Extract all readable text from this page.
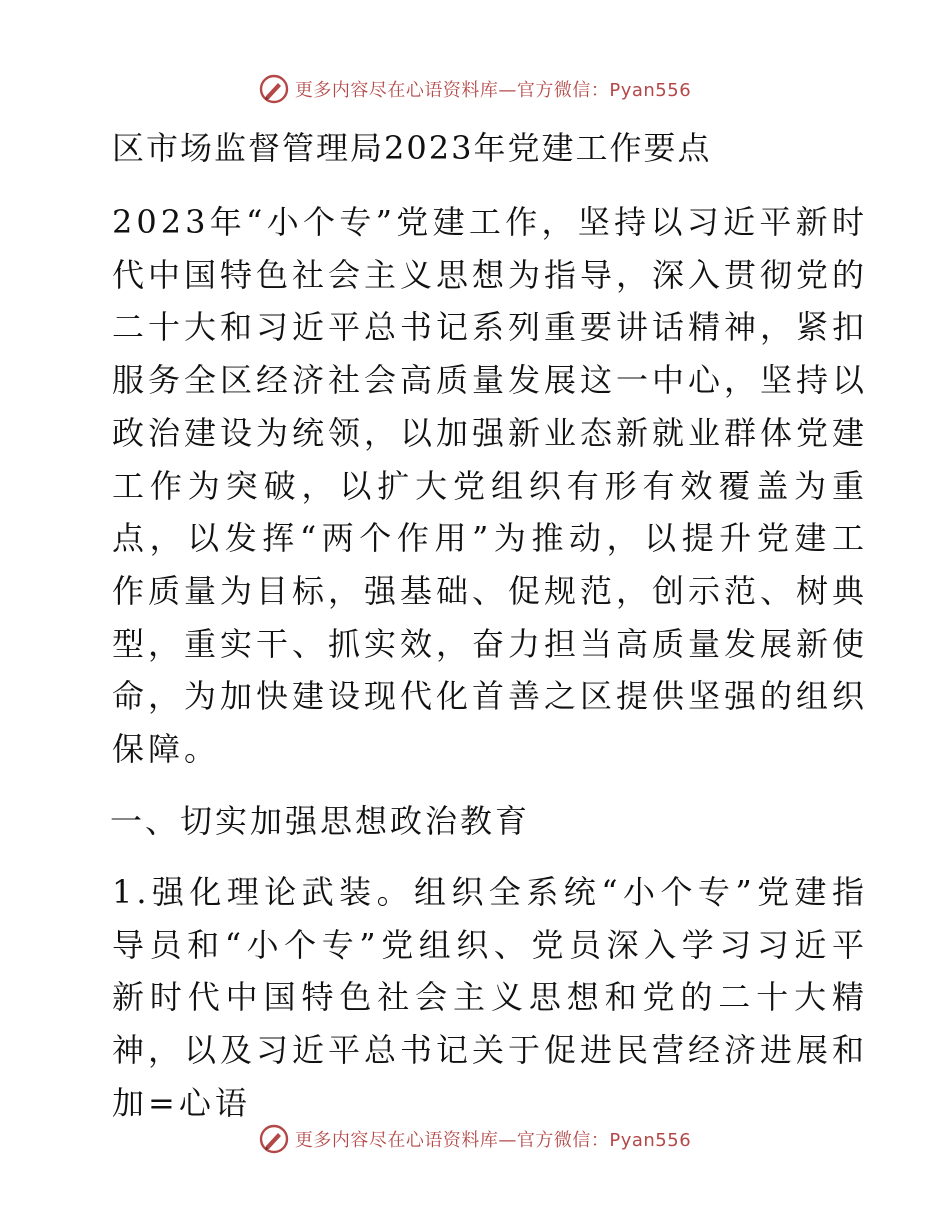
更多内容尽在心语资料库—官方微信：Pyan556
区市场监督管理局2023年党建工作要点

2023年“小个专”党建工作，坚持以习近平新时代中国特色社会主义思想为指导，深入贯彻党的二十大和习近平总书记系列重要讲话精神，紧扣服务全区经济社会高质量发展这一中心，坚持以政治建设为统领，以加强新业态新就业群体党建工作为突破，以扩大党组织有形有效覆盖为重点，以发挥“两个作用”为推动，以提升党建工作质量为目标，强基础、促规范，创示范、树典型，重实干、抓实效，奋力担当高质量发展新使命，为加快建设现代化首善之区提供坚强的组织保障。

一、切实加强思想政治教育

1.强化理论武装。组织全系统“小个专”党建指导员和“小个专”党组织、党员深入学习习近平新时代中国特色社会主义思想和党的二十大精神，以及习近平总书记关于促进民营经济进展和加=心语

更多内容尽在心语资料库—官方微信：Pyan556
